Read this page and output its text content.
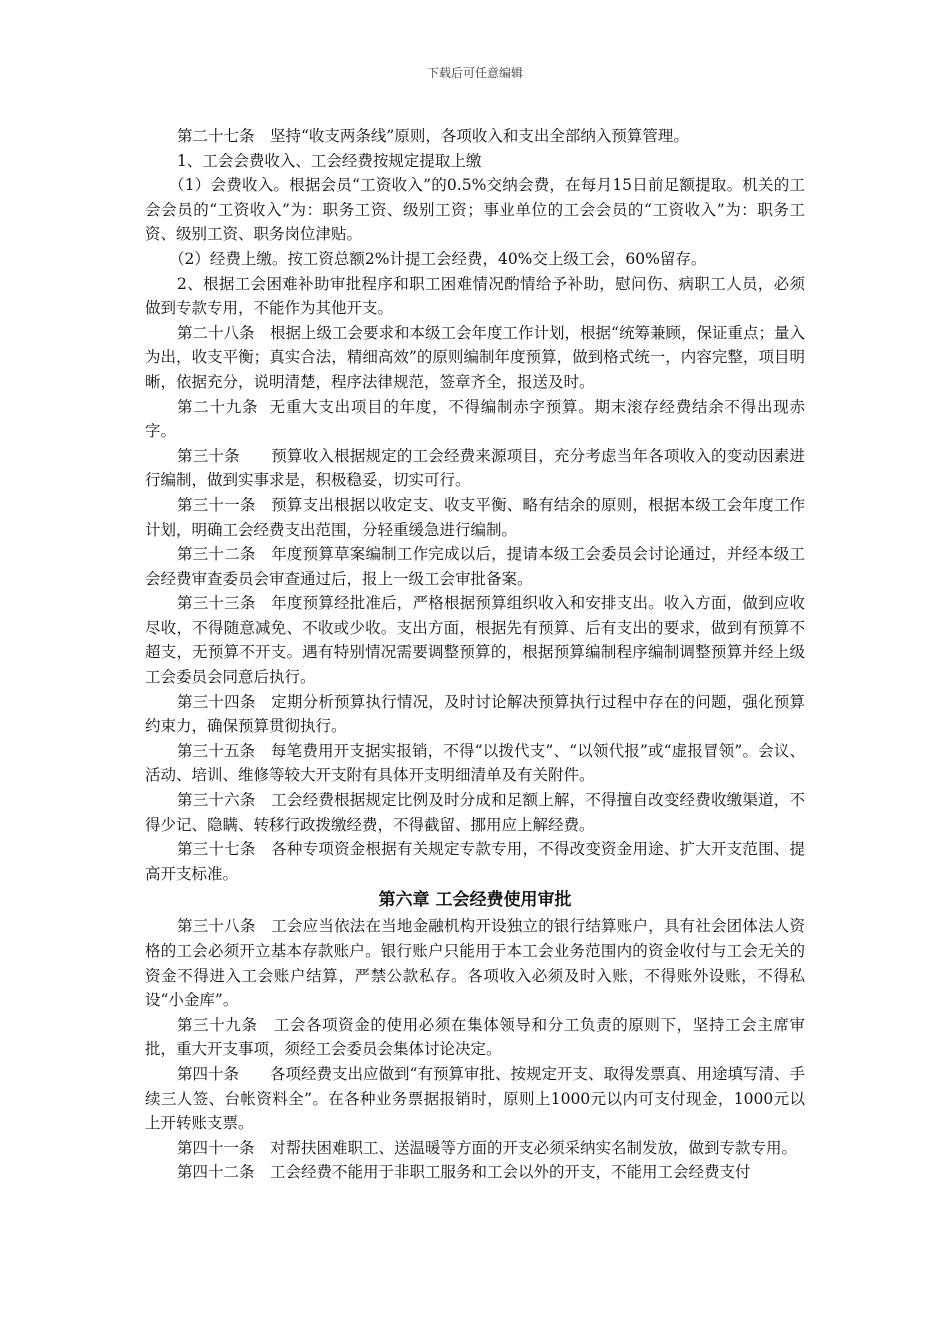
下载后可任意编辑

第二十七条　坚持“收支两条线”原则，各项收入和支出全部纳入预算管理。

1、工会会费收入、工会经费按规定提取上缴

（1）会费收入。根据会员“工资收入”的0.5%交纳会费，在每月15日前足额提取。机关的工会会员的“工资收入”为：职务工资、级别工资；事业单位的工会会员的“工资收入”为：职务工资、级别工资、职务岗位津贴。

（2）经费上缴。按工资总额2%计提工会经费，40%交上级工会，60%留存。

2、根据工会困难补助审批程序和职工困难情况酌情给予补助，慰问伤、病职工人员，必须做到专款专用，不能作为其他开支。

第二十八条　根据上级工会要求和本级工会年度工作计划，根据“统筹兼顾，保证重点；量入为出，收支平衡；真实合法，精细高效”的原则编制年度预算，做到格式统一，内容完整，项目明晰，依据充分，说明清楚，程序法律规范，签章齐全，报送及时。

第二十九条  无重大支出项目的年度，不得编制赤字预算。期末滚存经费结余不得出现赤字。

第三十条　　预算收入根据规定的工会经费来源项目，充分考虑当年各项收入的变动因素进行编制，做到实事求是，积极稳妥，切实可行。

第三十一条　预算支出根据以收定支、收支平衡、略有结余的原则，根据本级工会年度工作计划，明确工会经费支出范围，分轻重缓急进行编制。

第三十二条　年度预算草案编制工作完成以后，提请本级工会委员会讨论通过，并经本级工会经费审查委员会审查通过后，报上一级工会审批备案。

第三十三条　年度预算经批准后，严格根据预算组织收入和安排支出。收入方面，做到应收尽收，不得随意减免、不收或少收。支出方面，根据先有预算、后有支出的要求，做到有预算不超支，无预算不开支。遇有特别情况需要调整预算的，根据预算编制程序编制调整预算并经上级工会委员会同意后执行。

第三十四条　定期分析预算执行情况，及时讨论解决预算执行过程中存在的问题，强化预算约束力，确保预算贯彻执行。

第三十五条　每笔费用开支据实报销，不得“以拨代支”、“以领代报”或“虚报冒领”。会议、活动、培训、维修等较大开支附有具体开支明细清单及有关附件。

第三十六条　工会经费根据规定比例及时分成和足额上解，不得擅自改变经费收缴渠道，不得少记、隐瞒、转移行政拨缴经费，不得截留、挪用应上解经费。

第三十七条　各种专项资金根据有关规定专款专用，不得改变资金用途、扩大开支范围、提高开支标准。

第六章 工会经费使用审批

第三十八条　工会应当依法在当地金融机构开设独立的银行结算账户，具有社会团体法人资格的工会必须开立基本存款账户。银行账户只能用于本工会业务范围内的资金收付与工会无关的资金不得进入工会账户结算，严禁公款私存。各项收入必须及时入账，不得账外设账，不得私设“小金库”。

第三十九条　工会各项资金的使用必须在集体领导和分工负责的原则下，坚持工会主席审批，重大开支事项，须经工会委员会集体讨论决定。

第四十条　　各项经费支出应做到“有预算审批、按规定开支、取得发票真、用途填写清、手续三人签、台帐资料全”。在各种业务票据报销时，原则上1000元以内可支付现金，1000元以上开转账支票。

第四十一条　对帮扶困难职工、送温暖等方面的开支必须采纳实名制发放，做到专款专用。

第四十二条　工会经费不能用于非职工服务和工会以外的开支，不能用工会经费支付
